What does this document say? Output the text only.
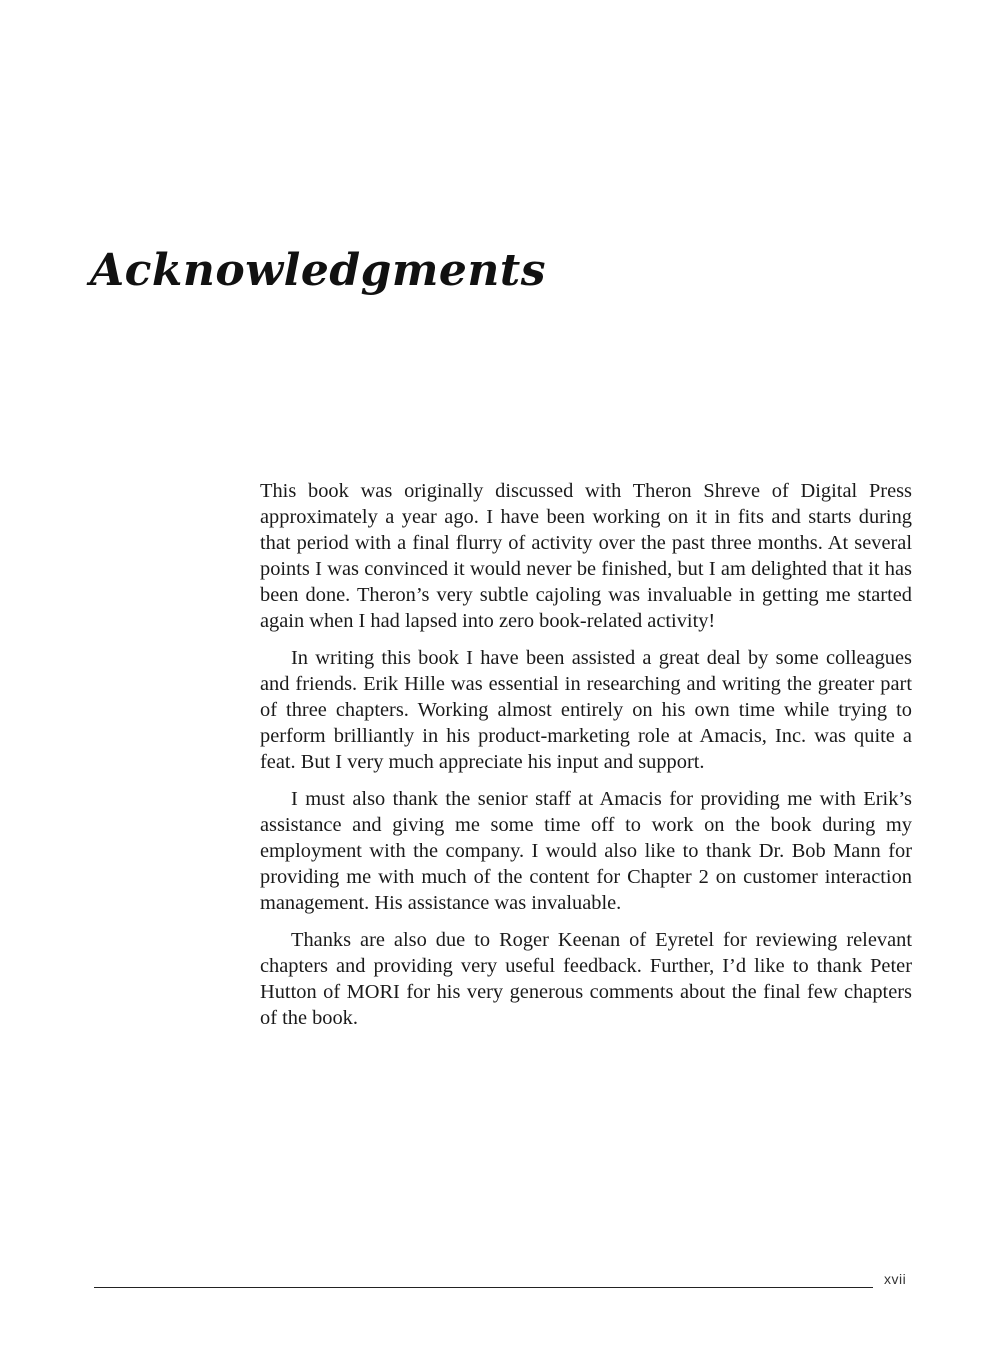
Acknowledgments

This book was originally discussed with Theron Shreve of Digital Press approximately a year ago. I have been working on it in fits and starts during that period with a final flurry of activity over the past three months. At several points I was convinced it would never be finished, but I am delighted that it has been done. Theron’s very subtle cajoling was invaluable in getting me started again when I had lapsed into zero book-related activity!

In writing this book I have been assisted a great deal by some colleagues and friends. Erik Hille was essential in researching and writing the greater part of three chapters. Working almost entirely on his own time while trying to perform brilliantly in his product-marketing role at Amacis, Inc. was quite a feat. But I very much appreciate his input and support.

I must also thank the senior staff at Amacis for providing me with Erik’s assistance and giving me some time off to work on the book during my employment with the company. I would also like to thank Dr. Bob Mann for providing me with much of the content for Chapter 2 on customer interaction management. His assistance was invaluable.

Thanks are also due to Roger Keenan of Eyretel for reviewing relevant chapters and providing very useful feedback. Further, I’d like to thank Peter Hutton of MORI for his very generous comments about the final few chapters of the book.

xvii
